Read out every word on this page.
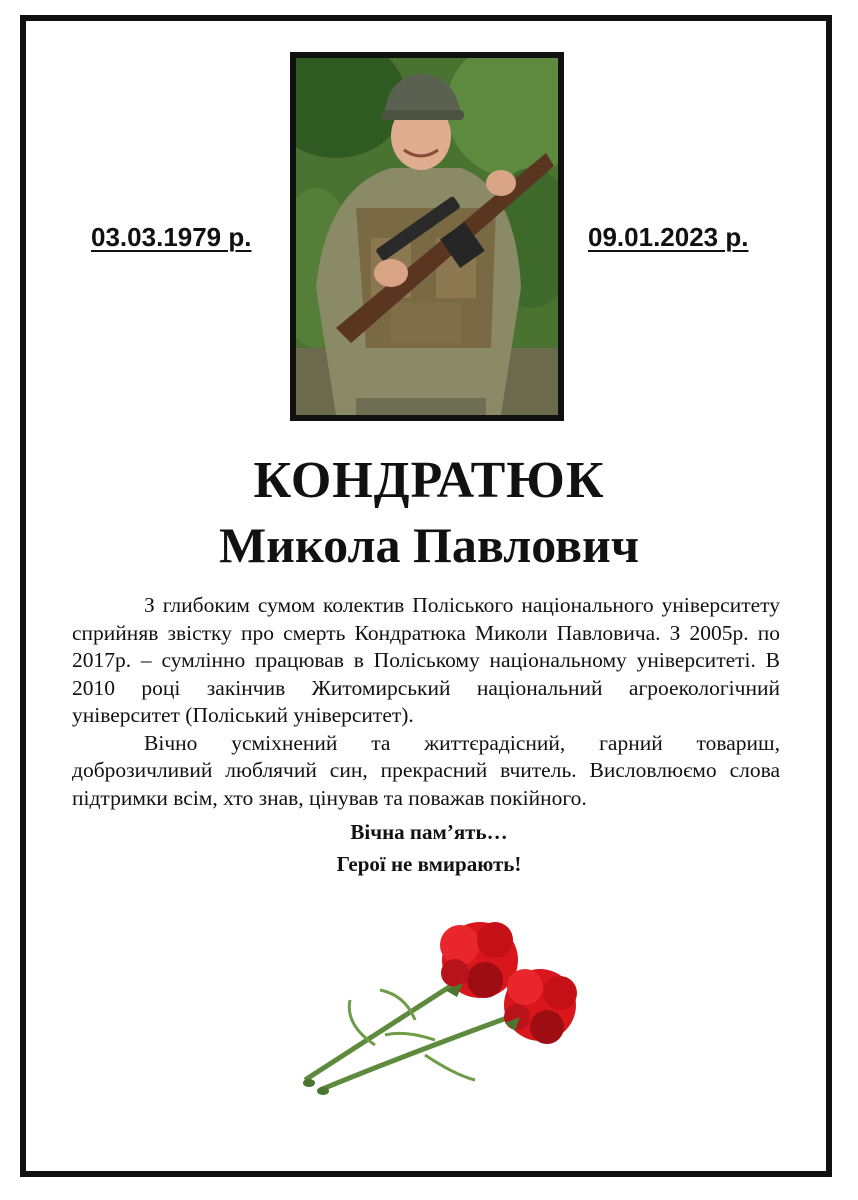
03.03.1979 р.	09.01.2023 р.
КОНДРАТЮК
Микола Павлович

З глибоким сумом колектив Поліського національного університету сприйняв звістку про смерть Кондратюка Миколи Павловича. З 2005р. по 2017р. – сумлінно працював в Поліському національному університеті. В 2010 році закінчив Житомирський національний агроекологічний університет (Поліський університет).

Вічно усміхнений та життєрадісний, гарний товариш, доброзичливий люблячий син, прекрасний вчитель. Висловлюємо слова підтримки всім, хто знав, цінував та поважав покійного.

Вічна пам’ять…
Герої не вмирають!
